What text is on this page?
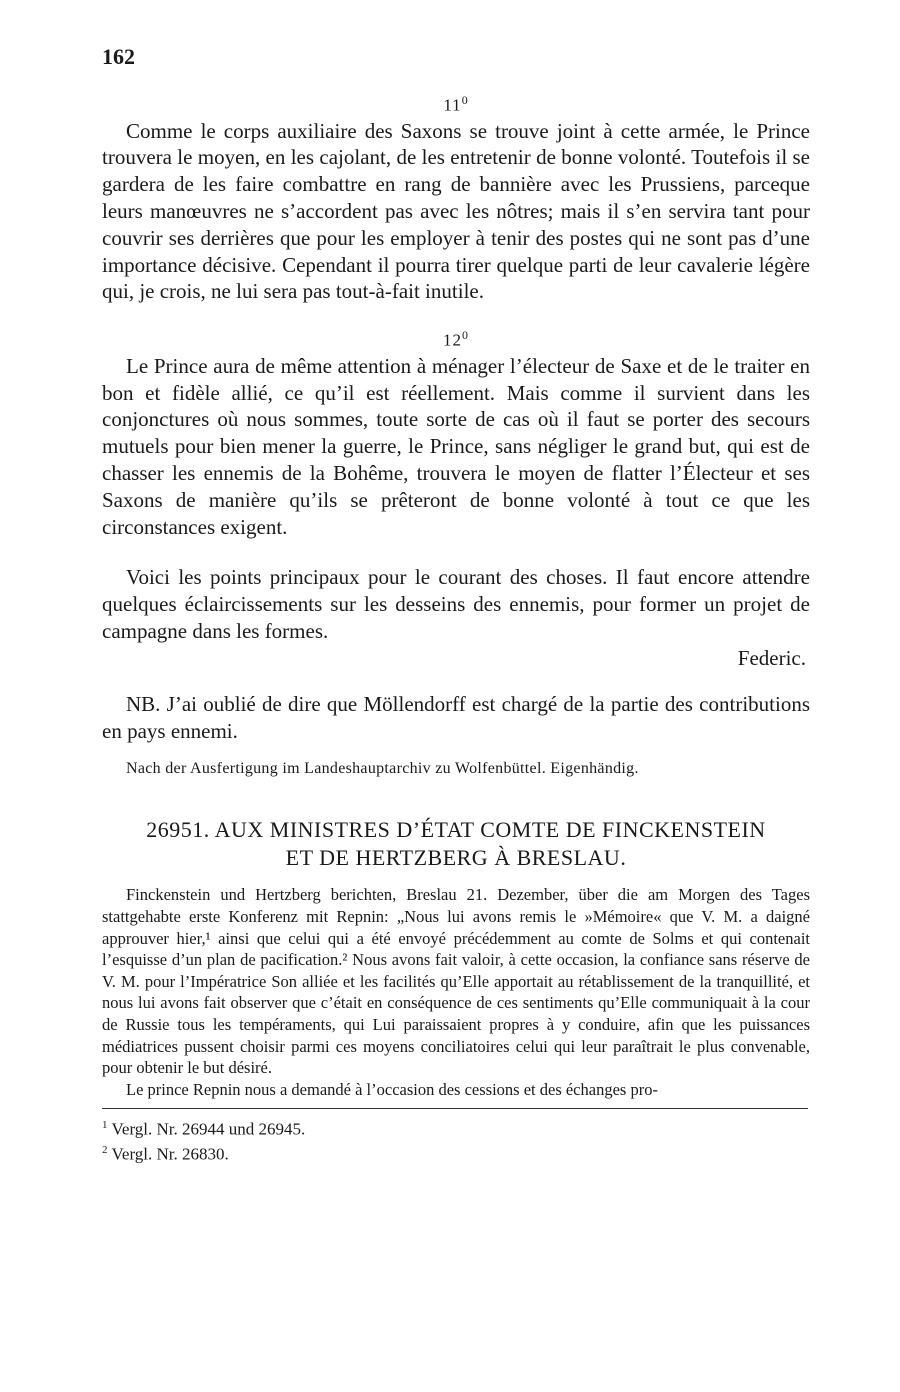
162
$11^0$

Comme le corps auxiliaire des Saxons se trouve joint à cette armée, le Prince trouvera le moyen, en les cajolant, de les entretenir de bonne volonté. Toutefois il se gardera de les faire combattre en rang de bannière avec les Prussiens, parceque leurs manœuvres ne s’accordent pas avec les nôtres; mais il s’en servira tant pour couvrir ses derrières que pour les employer à tenir des postes qui ne sont pas d’une importance décisive. Cependant il pourra tirer quelque parti de leur cavalerie légère qui, je crois, ne lui sera pas tout-à-fait inutile.

$12^0$

Le Prince aura de même attention à ménager l’électeur de Saxe et de le traiter en bon et fidèle allié, ce qu’il est réellement. Mais comme il survient dans les conjonctures où nous sommes, toute sorte de cas où il faut se porter des secours mutuels pour bien mener la guerre, le Prince, sans négliger le grand but, qui est de chasser les ennemis de la Bohême, trouvera le moyen de flatter l’Électeur et ses Saxons de manière qu’ils se prêteront de bonne volonté à tout ce que les circonstances exigent.

Voici les points principaux pour le courant des choses. Il faut encore attendre quelques éclaircissements sur les desseins des ennemis, pour former un projet de campagne dans les formes.

Federic.

NB. J’ai oublié de dire que Möllendorff est chargé de la partie des contributions en pays ennemi.

Nach der Ausfertigung im Landeshauptarchiv zu Wolfenbüttel. Eigenhändig.
26951. AUX MINISTRES D’ÉTAT COMTE DE FINCKENSTEIN
ET DE HERTZBERG À BRESLAU.

Finckenstein und Hertzberg berichten, Breslau 21. Dezember, über die am Morgen des Tages stattgehabte erste Konferenz mit Repnin: „Nous lui avons remis le »Mémoire« que V. M. a daigné approuver hier,¹ ainsi que celui qui a été envoyé précédemment au comte de Solms et qui contenait l’esquisse d’un plan de pacification.² Nous avons fait valoir, à cette occasion, la confiance sans réserve de V. M. pour l’Impératrice Son alliée et les facilités qu’Elle apportait au rétablissement de la tranquillité, et nous lui avons fait observer que c’était en conséquence de ces sentiments qu’Elle communiquait à la cour de Russie tous les tempéraments, qui Lui paraissaient propres à y conduire, afin que les puissances médiatrices pussent choisir parmi ces moyens conciliatoires celui qui leur paraîtrait le plus convenable, pour obtenir le but désiré.

Le prince Repnin nous a demandé à l’occasion des cessions et des échanges pro-

$^1$ Vergl. Nr. 26944 und 26945.

$^2$ Vergl. Nr. 26830.
